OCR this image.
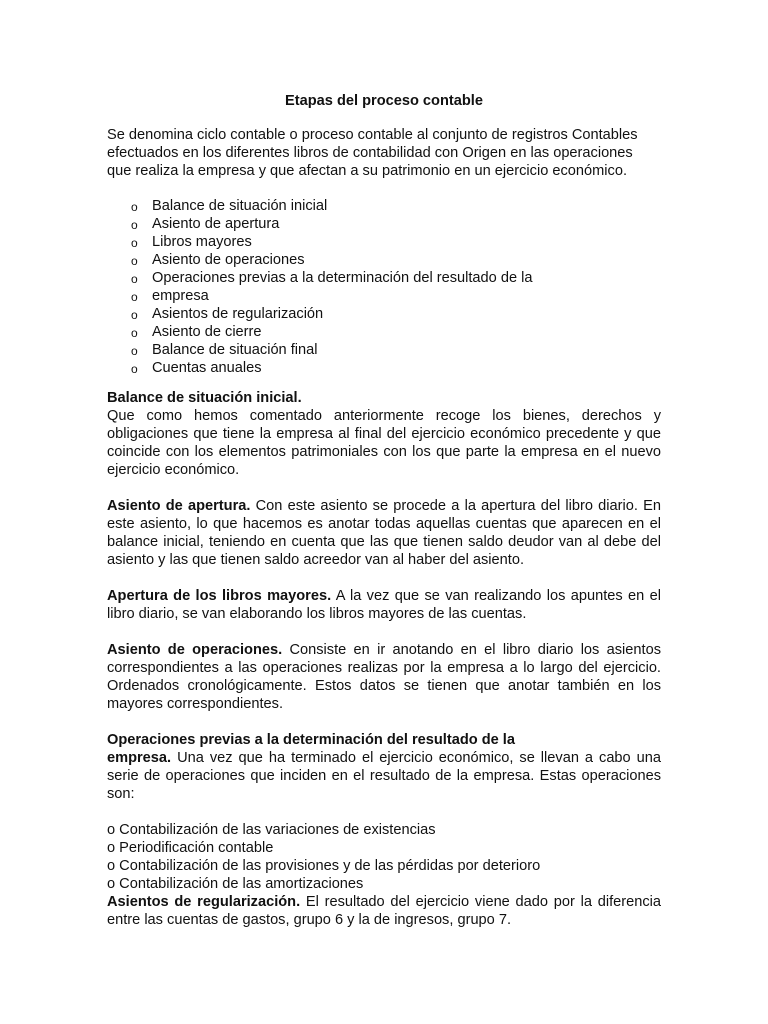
Etapas del proceso contable

Se denomina ciclo contable o proceso contable al conjunto de registros Contables efectuados en los diferentes libros de contabilidad con Origen en las operaciones que realiza la empresa y que afectan a su patrimonio en un ejercicio económico.

o Balance de situación inicial
o Asiento de apertura
o Libros mayores
o Asiento de operaciones
o Operaciones previas a la determinación del resultado de la
o empresa
o Asientos de regularización
o Asiento de cierre
o Balance de situación final
o Cuentas anuales
Balance de situación inicial.
Que como hemos comentado anteriormente recoge los bienes, derechos y obligaciones que tiene la empresa al final del ejercicio económico precedente y que coincide con los elementos patrimoniales con los que parte la empresa en el nuevo ejercicio económico.
Asiento de apertura. Con este asiento se procede a la apertura del libro diario. En este asiento, lo que hacemos es anotar todas aquellas cuentas que aparecen en el balance inicial, teniendo en cuenta que las que tienen saldo deudor van al debe del asiento y las que tienen saldo acreedor van al haber del asiento.
Apertura de los libros mayores. A la vez que se van realizando los apuntes en el libro diario, se van elaborando los libros mayores de las cuentas.
Asiento de operaciones. Consiste en ir anotando en el libro diario los asientos correspondientes a las operaciones realizas por la empresa a lo largo del ejercicio. Ordenados cronológicamente. Estos datos se tienen que anotar también en los mayores correspondientes.
Operaciones previas a la determinación del resultado de la
empresa. Una vez que ha terminado el ejercicio económico, se llevan a cabo una serie de operaciones que inciden en el resultado de la empresa. Estas operaciones son:
o Contabilización de las variaciones de existencias
o Periodificación contable
o Contabilización de las provisiones y de las pérdidas por deterioro
o Contabilización de las amortizaciones
Asientos de regularización. El resultado del ejercicio viene dado por la diferencia entre las cuentas de gastos, grupo 6 y la de ingresos, grupo 7.
